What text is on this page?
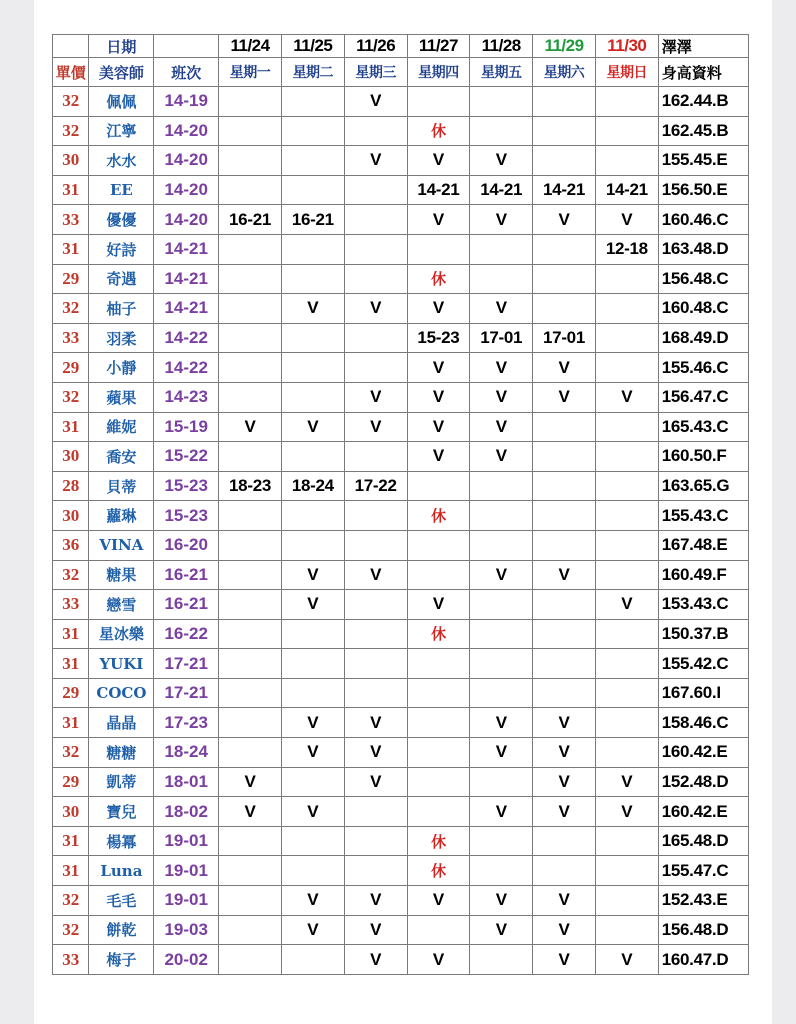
	日期		11/24	11/25	11/26	11/27	11/28	11/29	11/30	澤澤
單價	美容師	班次	星期一	星期二	星期三	星期四	星期五	星期六	星期日	身高資料
32	佩佩	14-19			V					162.44.B
32	江寧	14-20				休				162.45.B
30	水水	14-20			V	V	V			155.45.E
31	EE	14-20				14-21	14-21	14-21	14-21	156.50.E
33	優優	14-20	16-21	16-21		V	V	V	V	160.46.C
31	好詩	14-21							12-18	163.48.D
29	奇遇	14-21				休				156.48.C
32	柚子	14-21		V	V	V	V			160.48.C
33	羽柔	14-22				15-23	17-01	17-01		168.49.D
29	小靜	14-22				V	V	V		155.46.C
32	蘋果	14-23			V	V	V	V	V	156.47.C
31	維妮	15-19	V	V	V	V	V			165.43.C
30	喬安	15-22				V	V			160.50.F
28	貝蒂	15-23	18-23	18-24	17-22					163.65.G
30	蘿琳	15-23				休				155.43.C
36	VINA	16-20								167.48.E
32	糖果	16-21		V	V		V	V		160.49.F
33	戀雪	16-21		V		V			V	153.43.C
31	星冰樂	16-22				休				150.37.B
31	YUKI	17-21								155.42.C
29	COCO	17-21								167.60.I
31	晶晶	17-23		V	V		V	V		158.46.C
32	糖糖	18-24		V	V		V	V		160.42.E
29	凱蒂	18-01	V		V			V	V	152.48.D
30	寶兒	18-02	V	V			V	V	V	160.42.E
31	楊冪	19-01				休				165.48.D
31	Luna	19-01				休				155.47.C
32	毛毛	19-01		V	V	V	V	V		152.43.E
32	餅乾	19-03		V	V		V	V		156.48.D
33	梅子	20-02			V	V		V	V	160.47.D
